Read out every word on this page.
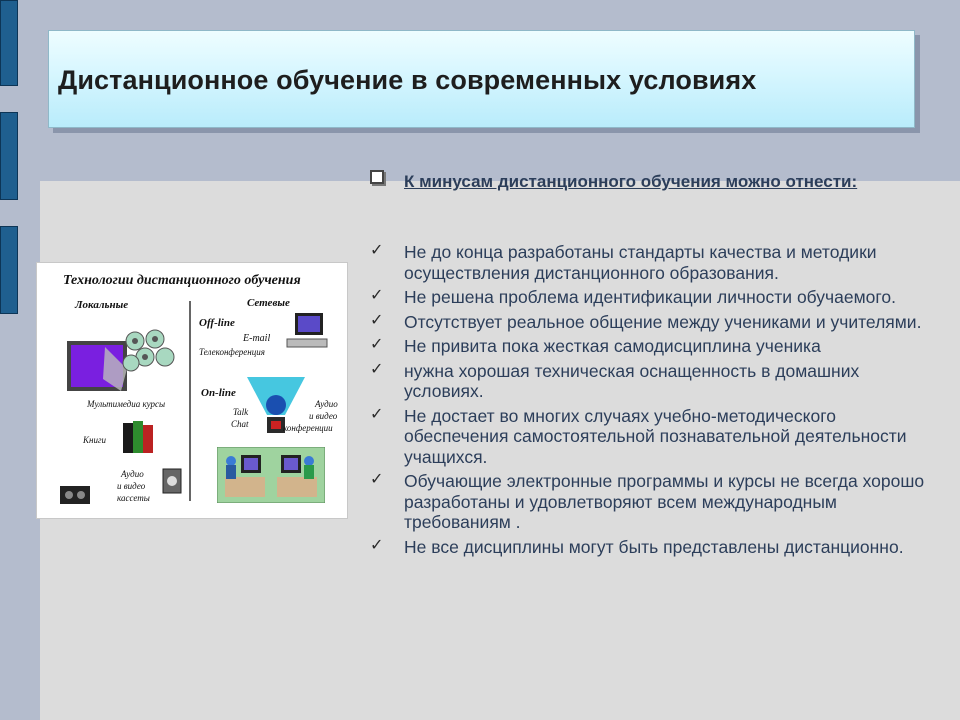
Дистанционное обучение в современных условиях
К минусам дистанционного обучения можно отнести:
✓ Не до конца разработаны стандарты качества и методики осуществления дистанционного образования.
✓ Не решена проблема идентификации личности обучаемого.
✓ Отсутствует реальное общение между учениками и учителями.
✓ Не привита пока жесткая самодисциплина ученика
✓ нужна хорошая техническая оснащенность в домашних условиях.
✓ Не достает во многих случаях учебно-методического обеспечения самостоятельной познавательной деятельности учащихся.
✓ Обучающие электронные программы и курсы не всегда хорошо разработаны и удовлетворяют всем международным требованиям .
✓ Не все дисциплины могут быть представлены дистанционно.
Технологии дистанционного обучения
Локальные	Сетевые
Off-line
E-mail
Телеконференция
Мультимедиа курсы
On-line
Аудио
и видео
конференции
Talk
Chat
Книги
Аудио
и видео
кассеты
